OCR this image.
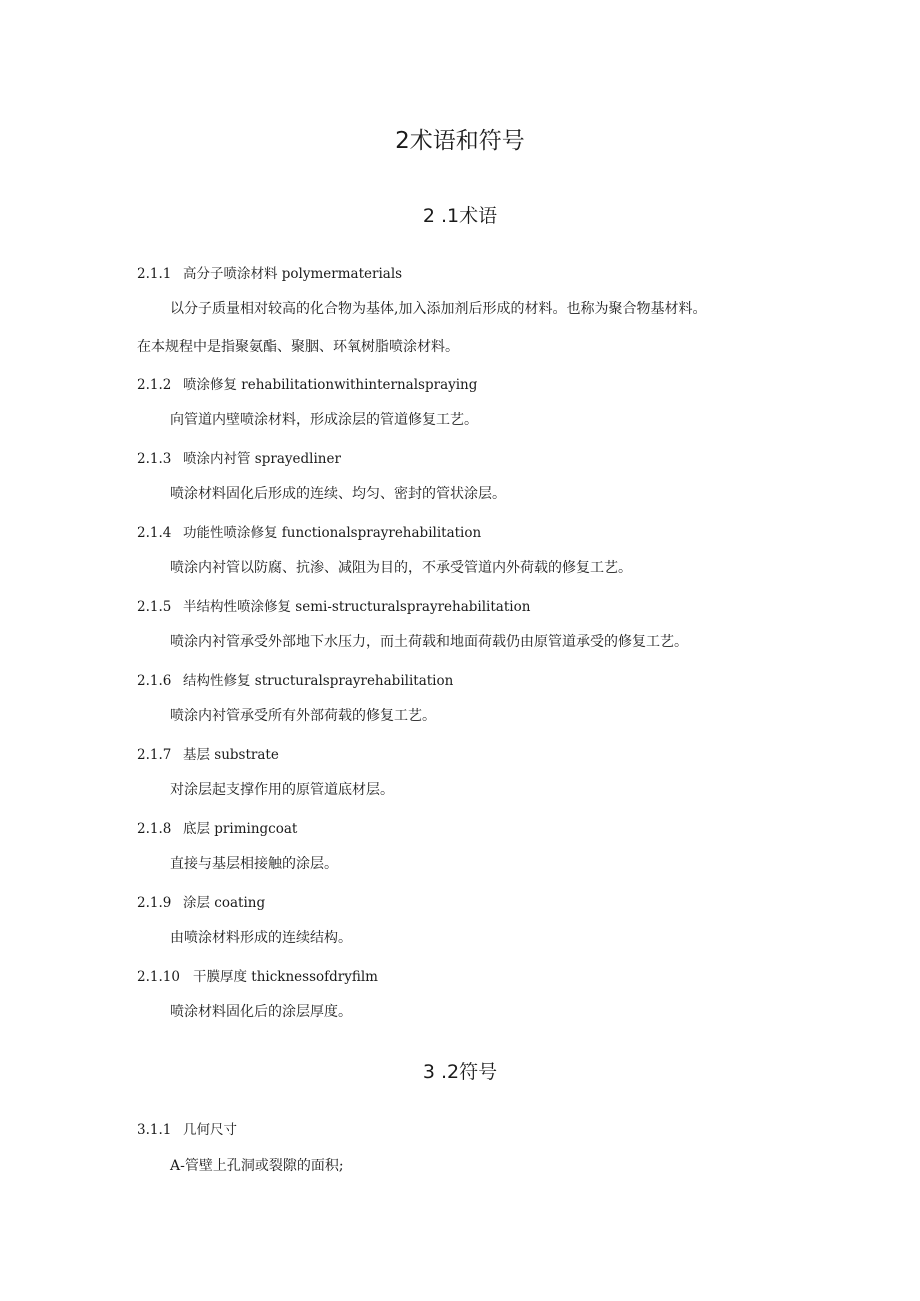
2术语和符号
2 .1术语
2.1.1 高分子喷涂材料 polymermaterials
以分子质量相对较高的化合物为基体,加入添加剂后形成的材料。也称为聚合物基材料。
在本规程中是指聚氨酯、聚胭、环氧树脂喷涂材料。
2.1.2 喷涂修复 rehabilitationwithinternalspraying
向管道内壁喷涂材料，形成涂层的管道修复工艺。
2.1.3 喷涂内衬管 sprayedliner
喷涂材料固化后形成的连续、均匀、密封的管状涂层。
2.1.4 功能性喷涂修复 functionalsprayrehabilitation
喷涂内衬管以防腐、抗渗、减阻为目的，不承受管道内外荷载的修复工艺。
2.1.5 半结构性喷涂修复 semi-structuralsprayrehabilitation
喷涂内衬管承受外部地下水压力，而土荷载和地面荷载仍由原管道承受的修复工艺。
2.1.6 结构性修复 structuralsprayrehabilitation
喷涂内衬管承受所有外部荷载的修复工艺。
2.1.7 基层 substrate
对涂层起支撑作用的原管道底材层。
2.1.8 底层 primingcoat
直接与基层相接触的涂层。
2.1.9 涂层 coating
由喷涂材料形成的连续结构。
2.1.10 干膜厚度 thicknessofdryfilm
喷涂材料固化后的涂层厚度。
3 .2符号
3.1.1 几何尺寸
A-管壁上孔洞或裂隙的面积;
